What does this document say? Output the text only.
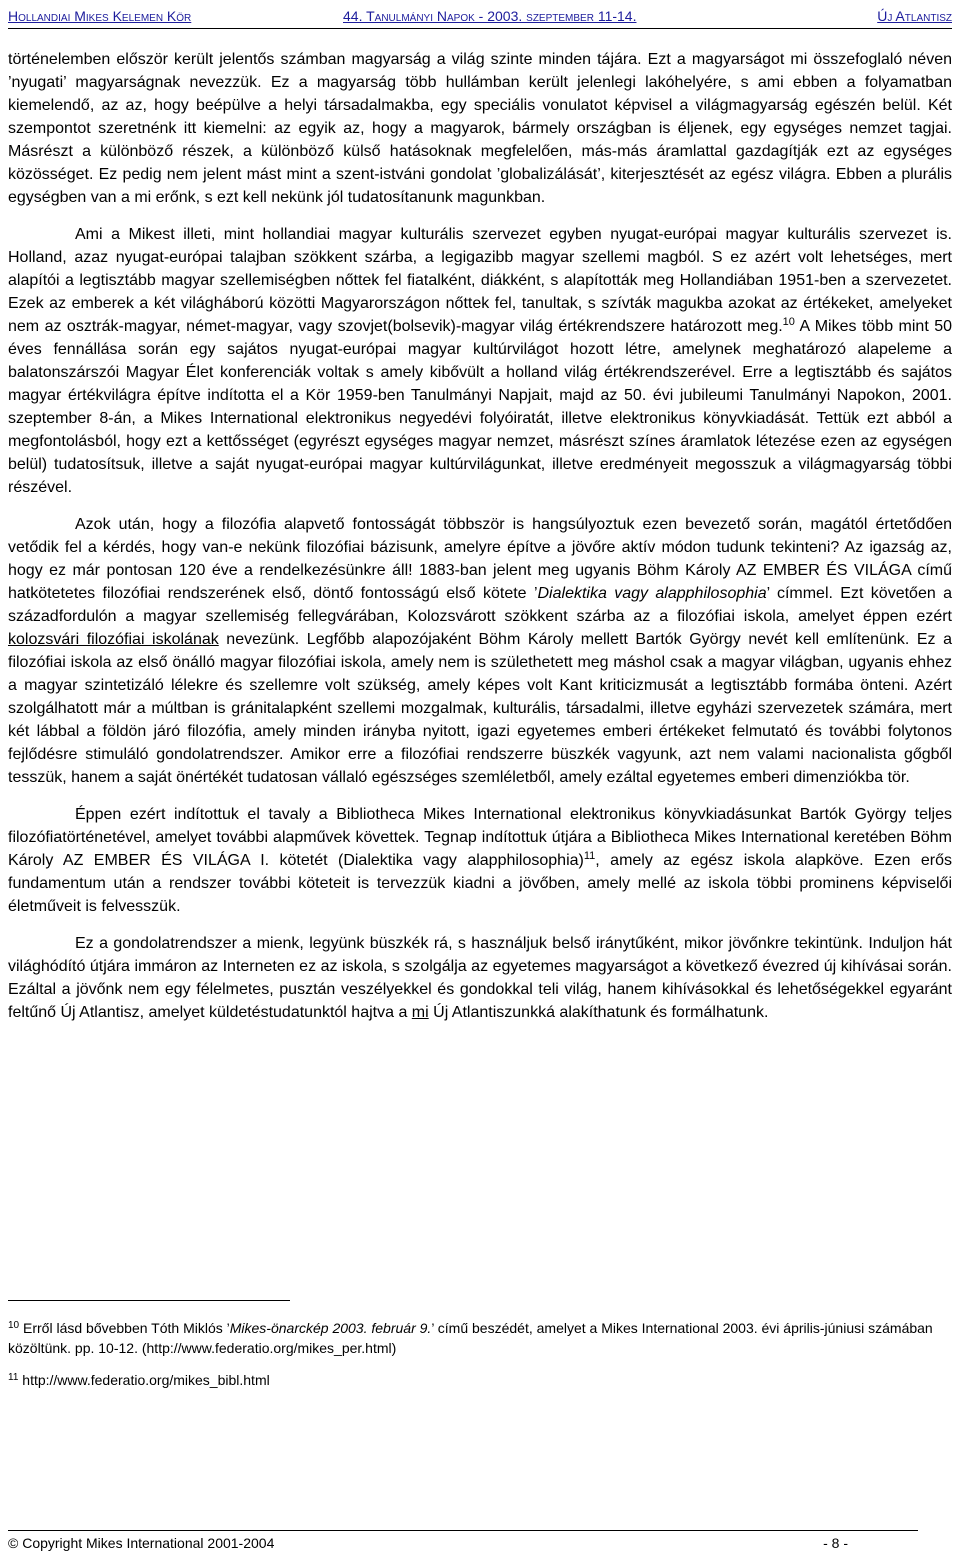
Hollandiai Mikes Kelemen Kör	44. Tanulmányi Napok - 2003. szeptember 11-14.	Új Atlantisz

történelemben először került jelentős számban magyarság a világ szinte minden tájára. Ezt a magyarságot mi összefoglaló néven ’nyugati’ magyarságnak nevezzük. Ez a magyarság több hullámban került jelenlegi lakóhelyére, s ami ebben a folyamatban kiemelendő, az az, hogy beépülve a helyi társadalmakba, egy speciális vonulatot képvisel a világmagyarság egészén belül. Két szempontot szeretnénk itt kiemelni: az egyik az, hogy a magyarok, bármely országban is éljenek, egy egységes nemzet tagjai. Másrészt a különböző részek, a különböző külső hatásoknak megfelelően, más-más áramlattal gazdagítják ezt az egységes közösséget. Ez pedig nem jelent mást mint a szent-istváni gondolat ’globalizálását’, kiterjesztését az egész világra. Ebben a plurális egységben van a mi erőnk, s ezt kell nekünk jól tudatosítanunk magunkban.

Ami a Mikest illeti, mint hollandiai magyar kulturális szervezet egyben nyugat-európai magyar kulturális szervezet is. Holland, azaz nyugat-európai talajban szökkent szárba, a legigazibb magyar szellemi magból. S ez azért volt lehetséges, mert alapítói a legtisztább magyar szellemiségben nőttek fel fiatalként, diákként, s alapították meg Hollandiában 1951-ben a szervezetet. Ezek az emberek a két világháború közötti Magyarországon nőttek fel, tanultak, s szívták magukba azokat az értékeket, amelyeket nem az osztrák-magyar, német-magyar, vagy szovjet(bolsevik)-magyar világ értékrendszere határozott meg.$^{10}$ A Mikes több mint 50 éves fennállása során egy sajátos nyugat-európai magyar kultúrvilágot hozott létre, amelynek meghatározó alapeleme a balatonszárszói Magyar Élet konferenciák voltak s amely kibővült a holland világ értékrendszerével. Erre a legtisztább és sajátos magyar értékvilágra építve indította el a Kör 1959-ben Tanulmányi Napjait, majd az 50. évi jubileumi Tanulmányi Napokon, 2001. szeptember 8-án, a Mikes International elektronikus negyedévi folyóiratát, illetve elektronikus könyvkiadását. Tettük ezt abból a megfontolásból, hogy ezt a kettősséget (egyrészt egységes magyar nemzet, másrészt színes áramlatok létezése ezen az egységen belül) tudatosítsuk, illetve a saját nyugat-európai magyar kultúrvilágunkat, illetve eredményeit megosszuk a világmagyarság többi részével.

Azok után, hogy a filozófia alapvető fontosságát többször is hangsúlyoztuk ezen bevezető során, magától értetődően vetődik fel a kérdés, hogy van-e nekünk filozófiai bázisunk, amelyre építve a jövőre aktív módon tudunk tekinteni? Az igazság az, hogy ez már pontosan 120 éve a rendelkezésünkre áll! 1883-ban jelent meg ugyanis Böhm Károly AZ EMBER ÉS VILÁGA című hatkötetetes filozófiai rendszerének első, döntő fontosságú első kötete ’Dialektika vagy alapphilosophia’ címmel. Ezt követően a századfordulón a magyar szellemiség fellegvárában, Kolozsvárott szökkent szárba az a filozófiai iskola, amelyet éppen ezért kolozsvári filozófiai iskolának nevezünk. Legfőbb alapozójaként Böhm Károly mellett Bartók György nevét kell említenünk. Ez a filozófiai iskola az első önálló magyar filozófiai iskola, amely nem is születhetett meg máshol csak a magyar világban, ugyanis ehhez a magyar szintetizáló lélekre és szellemre volt szükség, amely képes volt Kant kriticizmusát a legtisztább formába önteni. Azért szolgálhatott már a múltban is gránitalapként szellemi mozgalmak, kulturális, társadalmi, illetve egyházi szervezetek számára, mert két lábbal a földön járó filozófia, amely minden irányba nyitott, igazi egyetemes emberi értékeket felmutató és további folytonos fejlődésre stimuláló gondolatrendszer. Amikor erre a filozófiai rendszerre büszkék vagyunk, azt nem valami nacionalista gőgből tesszük, hanem a saját önértékét tudatosan vállaló egészséges szemléletből, amely ezáltal egyetemes emberi dimenziókba tör.

Éppen ezért indítottuk el tavaly a Bibliotheca Mikes International elektronikus könyvkiadásunkat Bartók György teljes filozófiatörténetével, amelyet további alapművek követtek. Tegnap indítottuk útjára a Bibliotheca Mikes International keretében Böhm Károly AZ EMBER ÉS VILÁGA I. kötetét (Dialektika vagy alapphilosophia)$^{11}$, amely az egész iskola alapköve. Ezen erős fundamentum után a rendszer további köteteit is tervezzük kiadni a jövőben, amely mellé az iskola többi prominens képviselői életműveit is felvesszük.

Ez a gondolatrendszer a mienk, legyünk büszkék rá, s használjuk belső iránytűként, mikor jövőnkre tekintünk. Induljon hát világhódító útjára immáron az Interneten ez az iskola, s szolgálja az egyetemes magyarságot a következő évezred új kihívásai során. Ezáltal a jövőnk nem egy félelmetes, pusztán veszélyekkel és gondokkal teli világ, hanem kihívásokkal és lehetőségekkel egyaránt feltűnő Új Atlantisz, amelyet küldetéstudatunktól hajtva a mi Új Atlantiszunkká alakíthatunk és formálhatunk.

$^{10}$ Erről lásd bővebben Tóth Miklós ’Mikes-önarckép 2003. február 9.’ című beszédét, amelyet a Mikes International 2003. évi április-júniusi számában közöltünk. pp. 10-12. (http://www.federatio.org/mikes_per.html)

$^{11}$ http://www.federatio.org/mikes_bibl.html

© Copyright Mikes International 2001-2004	- 8 -
